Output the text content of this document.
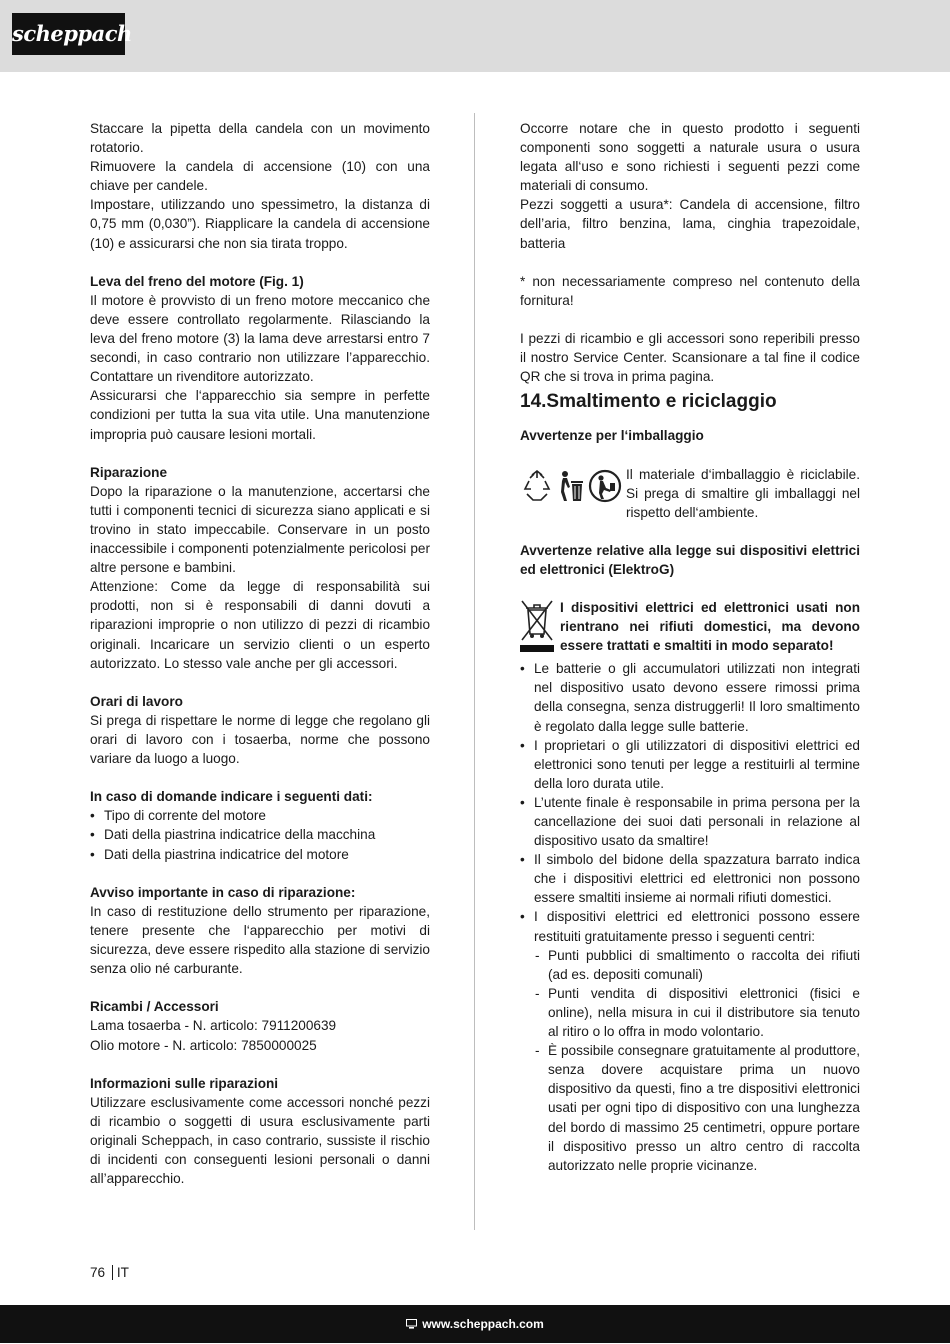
scheppach

Staccare la pipetta della candela con un movimento rotatorio.

Rimuovere la candela di accensione (10) con una chiave per candele.

Impostare, utilizzando uno spessimetro, la distanza di 0,75 mm (0,030”). Riapplicare la candela di accensione (10) e assicurarsi che non sia tirata troppo.

Leva del freno del motore (Fig. 1)

Il motore è provvisto di un freno motore meccanico che deve essere controllato regolarmente. Rilasciando la leva del freno motore (3) la lama deve arrestarsi entro 7 secondi, in caso contrario non utilizzare l’apparecchio. Contattare un rivenditore autorizzato.

Assicurarsi che l‘apparecchio sia sempre in perfette condizioni per tutta la sua vita utile. Una manutenzione impropria può causare lesioni mortali.

Riparazione

Dopo la riparazione o la manutenzione, accertarsi che tutti i componenti tecnici di sicurezza siano applicati e si trovino in stato impeccabile. Conservare in un posto inaccessibile i componenti potenzialmente pericolosi per altre persone e bambini.

Attenzione: Come da legge di responsabilità sui prodotti, non si è responsabili di danni dovuti a riparazioni improprie o non utilizzo di pezzi di ricambio originali. Incaricare un servizio clienti o un esperto autorizzato. Lo stesso vale anche per gli accessori.

Orari di lavoro

Si prega di rispettare le norme di legge che regolano gli orari di lavoro con i tosaerba, norme che possono variare da luogo a luogo.

In caso di domande indicare i seguenti dati:

• Tipo di corrente del motore
• Dati della piastrina indicatrice della macchina
• Dati della piastrina indicatrice del motore

Avviso importante in caso di riparazione:

In caso di restituzione dello strumento per riparazione, tenere presente che l‘apparecchio per motivi di sicurezza, deve essere rispedito alla stazione di servizio senza olio né carburante.

Ricambi / Accessori

Lama tosaerba - N. articolo: 7911200639

Olio motore - N. articolo: 7850000025

Informazioni sulle riparazioni

Utilizzare esclusivamente come accessori nonché pezzi di ricambio o soggetti di usura esclusivamente parti originali Scheppach, in caso contrario, sussiste il rischio di incidenti con conseguenti lesioni personali o danni all’apparecchio.

Occorre notare che in questo prodotto i seguenti componenti sono soggetti a naturale usura o usura legata all‘uso e sono richiesti i seguenti pezzi come materiali di consumo.

Pezzi soggetti a usura*: Candela di accensione, filtro dell’aria, filtro benzina, lama, cinghia trapezoidale, batteria

* non necessariamente compreso nel contenuto della fornitura!

I pezzi di ricambio e gli accessori sono reperibili presso il nostro Service Center. Scansionare a tal fine il codice QR che si trova in prima pagina.

14.Smaltimento e riciclaggio

Avvertenze per l‘imballaggio

Il materiale d‘imballaggio è riciclabile. Si prega di smaltire gli imballaggi nel rispetto dell‘ambiente.

Avvertenze relative alla legge sui dispositivi elettrici ed elettronici (ElektroG)

I dispositivi elettrici ed elettronici usati non rientrano nei rifiuti domestici, ma devono essere trattati e smaltiti in modo separato!

• Le batterie o gli accumulatori utilizzati non integrati nel dispositivo usato devono essere rimossi prima della consegna, senza distruggerli! Il loro smaltimento è regolato dalla legge sulle batterie.
• I proprietari o gli utilizzatori di dispositivi elettrici ed elettronici sono tenuti per legge a restituirli al termine della loro durata utile.
• L’utente finale è responsabile in prima persona per la cancellazione dei suoi dati personali in relazione al dispositivo usato da smaltire!
• Il simbolo del bidone della spazzatura barrato indica che i dispositivi elettrici ed elettronici non possono essere smaltiti insieme ai normali rifiuti domestici.
• I dispositivi elettrici ed elettronici possono essere restituiti gratuitamente presso i seguenti centri:
- Punti pubblici di smaltimento o raccolta dei rifiuti (ad es. depositi comunali)
- Punti vendita di dispositivi elettronici (fisici e online), nella misura in cui il distributore sia tenuto al ritiro o lo offra in modo volontario.
- È possibile consegnare gratuitamente al produttore, senza dovere acquistare prima un nuovo dispositivo da questi, fino a tre dispositivi elettronici usati per ogni tipo di dispositivo con una lunghezza del bordo di massimo 25 centimetri, oppure portare il dispositivo presso un altro centro di raccolta autorizzato nelle proprie vicinanze.
76 IT
www.scheppach.com
